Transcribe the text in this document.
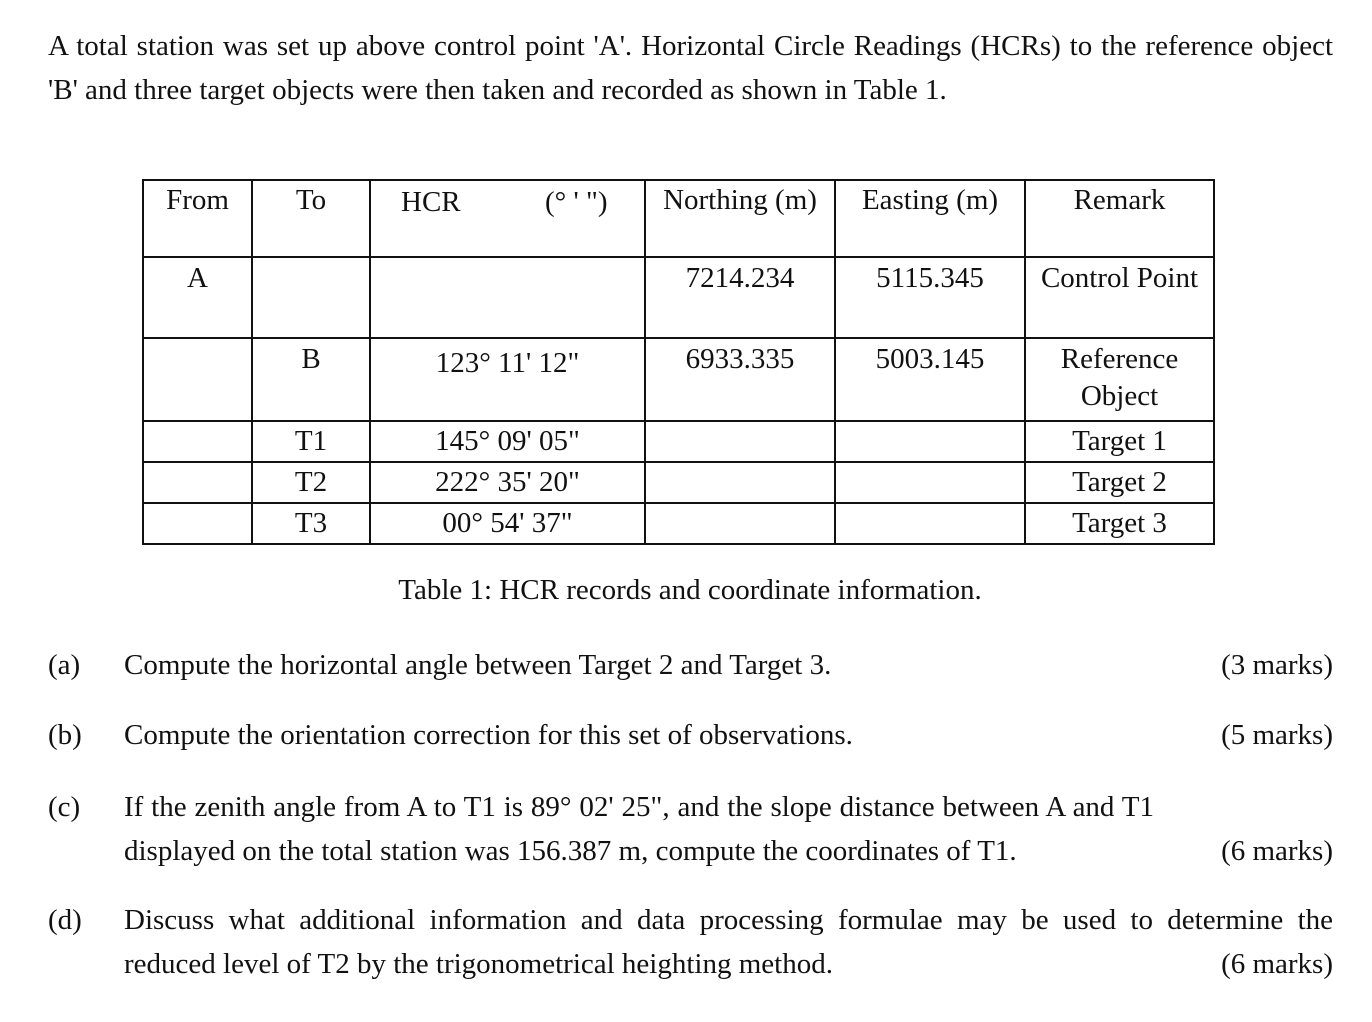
A total station was set up above control point 'A'. Horizontal Circle Readings (HCRs) to the reference object 'B' and three target objects were then taken and recorded as shown in Table 1.
From	To	HCR (° ' ")	Northing (m)	Easting (m)	Remark
A			7214.234	5115.345	Control Point
	B	123° 11' 12"	6933.335	5003.145	Reference Object
	T1	145° 09' 05"			Target 1
	T2	222° 35' 20"			Target 2
	T3	00° 54' 37"			Target 3
Table 1: HCR records and coordinate information.
(a) Compute the horizontal angle between Target 2 and Target 3.	(3 marks)
(b) Compute the orientation correction for this set of observations.	(5 marks)
(c) If the zenith angle from A to T1 is 89° 02' 25", and the slope distance between A and T1 displayed on the total station was 156.387 m, compute the coordinates of T1.	(6 marks)
(d) Discuss what additional information and data processing formulae may be used to determine the reduced level of T2 by the trigonometrical heighting method.	(6 marks)
